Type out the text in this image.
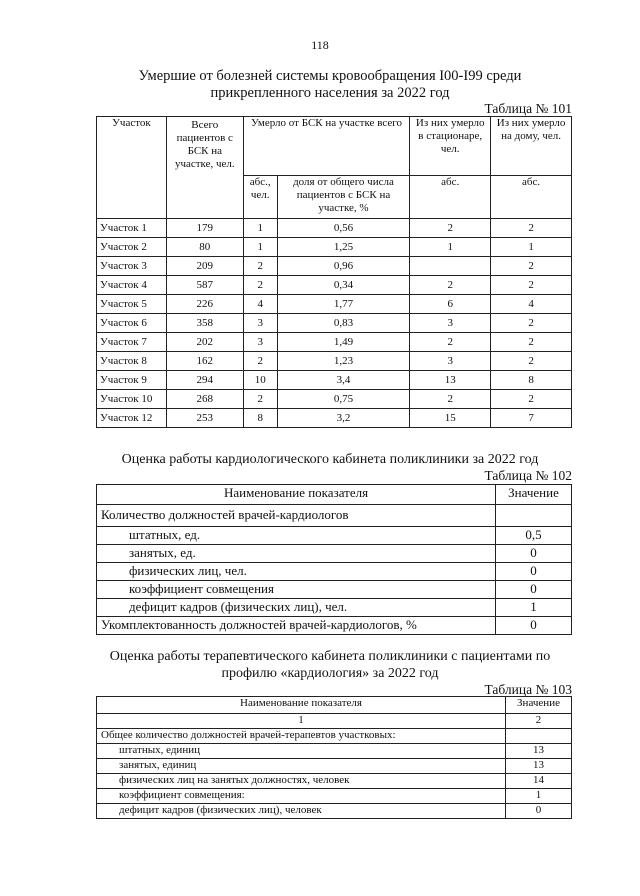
118
Умершие от болезней системы кровообращения I00-I99 среди
прикрепленного населения за 2022 год
Таблица № 101
Участок	Всего пациентов с БСК на участке, чел.	Умерло от БСК на участке всего		Из них умерло в стационаре, чел.	Из них умерло на дому, чел.
		абс., чел.	доля от общего числа пациентов с БСК на участке, %	абс.	абс.
Участок 1	179	1	0,56	2	2
Участок 2	80	1	1,25	1	1
Участок 3	209	2	0,96		2
Участок 4	587	2	0,34	2	2
Участок 5	226	4	1,77	6	4
Участок 6	358	3	0,83	3	2
Участок 7	202	3	1,49	2	2
Участок 8	162	2	1,23	3	2
Участок 9	294	10	3,4	13	8
Участок 10	268	2	0,75	2	2
Участок 12	253	8	3,2	15	7
Оценка работы кардиологического кабинета поликлиники за 2022 год
Таблица № 102
Наименование показателя	Значение
Количество должностей врачей-кардиологов	
штатных, ед.	0,5
занятых, ед.	0
физических лиц, чел.	0
коэффициент совмещения	0
дефицит кадров (физических лиц), чел.	1
Укомплектованность должностей врачей-кардиологов, %	0
Оценка работы терапевтического кабинета поликлиники с пациентами по
профилю «кардиология» за 2022 год
Таблица № 103
Наименование показателя	Значение
1	2
Общее количество должностей врачей-терапевтов участковых:	
штатных, единиц	13
занятых, единиц	13
физических лиц на занятых должностях, человек	14
коэффициент совмещения:	1
дефицит кадров (физических лиц), человек	0
